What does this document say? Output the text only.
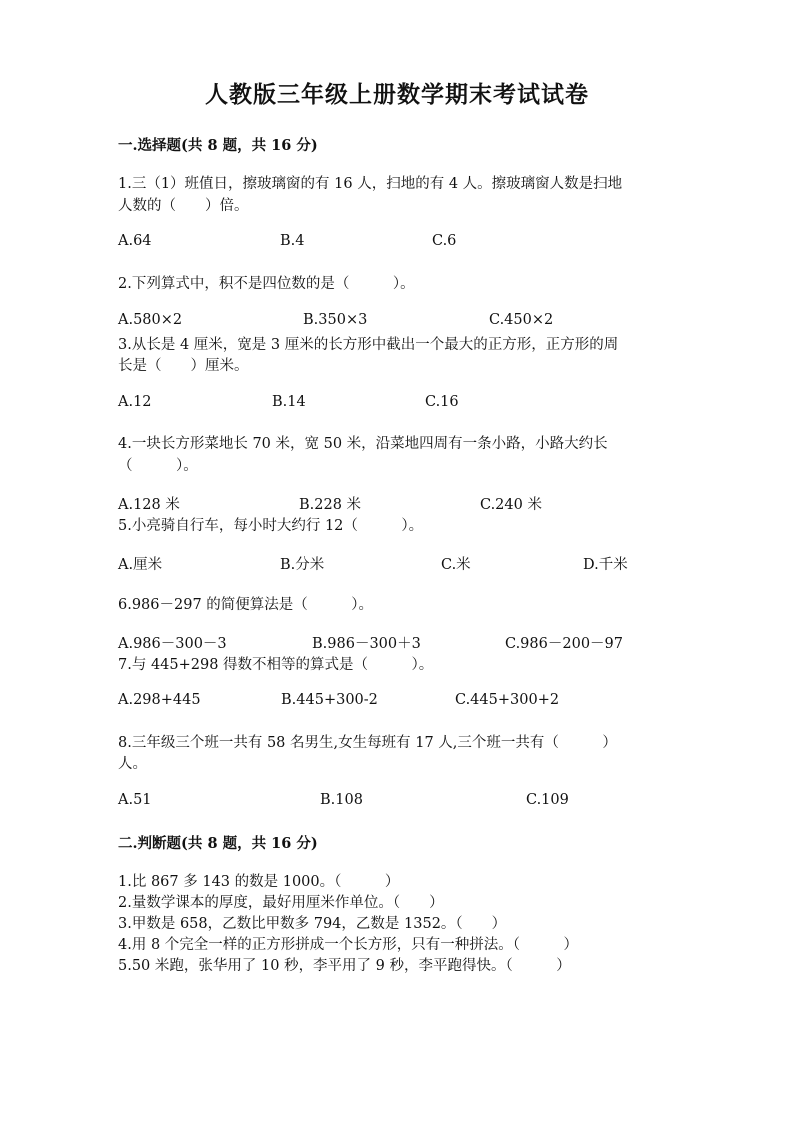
人教版三年级上册数学期末考试试卷
一.选择题(共 8 题，共 16 分)
1.三（1）班值日，擦玻璃窗的有 16 人，扫地的有 4 人。擦玻璃窗人数是扫地
人数的（　　）倍。
A.64	B.4	C.6
2.下列算式中，积不是四位数的是（　　　）。
A.580×2	B.350×3	C.450×2
3.从长是 4 厘米，宽是 3 厘米的长方形中截出一个最大的正方形，正方形的周
长是（　　）厘米。
A.12	B.14	C.16
4.一块长方形菜地长 70 米，宽 50 米，沿菜地四周有一条小路，小路大约长
（　　　）。
A.128 米	B.228 米	C.240 米
5.小亮骑自行车，每小时大约行 12（　　　）。
A.厘米	B.分米	C.米	D.千米
6.986－297 的简便算法是（　　　）。
A.986－300－3	B.986－300＋3	C.986－200－97
7.与 445+298 得数不相等的算式是（　　　）。
A.298+445	B.445+300-2	C.445+300+2
8.三年级三个班一共有 58 名男生,女生每班有 17 人,三个班一共有（　　　）
人。
A.51	B.108	C.109
二.判断题(共 8 题，共 16 分)
1.比 867 多 143 的数是 1000。（　　　）
2.量数学课本的厚度，最好用厘米作单位。（　　）
3.甲数是 658，乙数比甲数多 794，乙数是 1352。（　　）
4.用 8 个完全一样的正方形拼成一个长方形，只有一种拼法。（　　　）
5.50 米跑，张华用了 10 秒，李平用了 9 秒，李平跑得快。（　　　）
